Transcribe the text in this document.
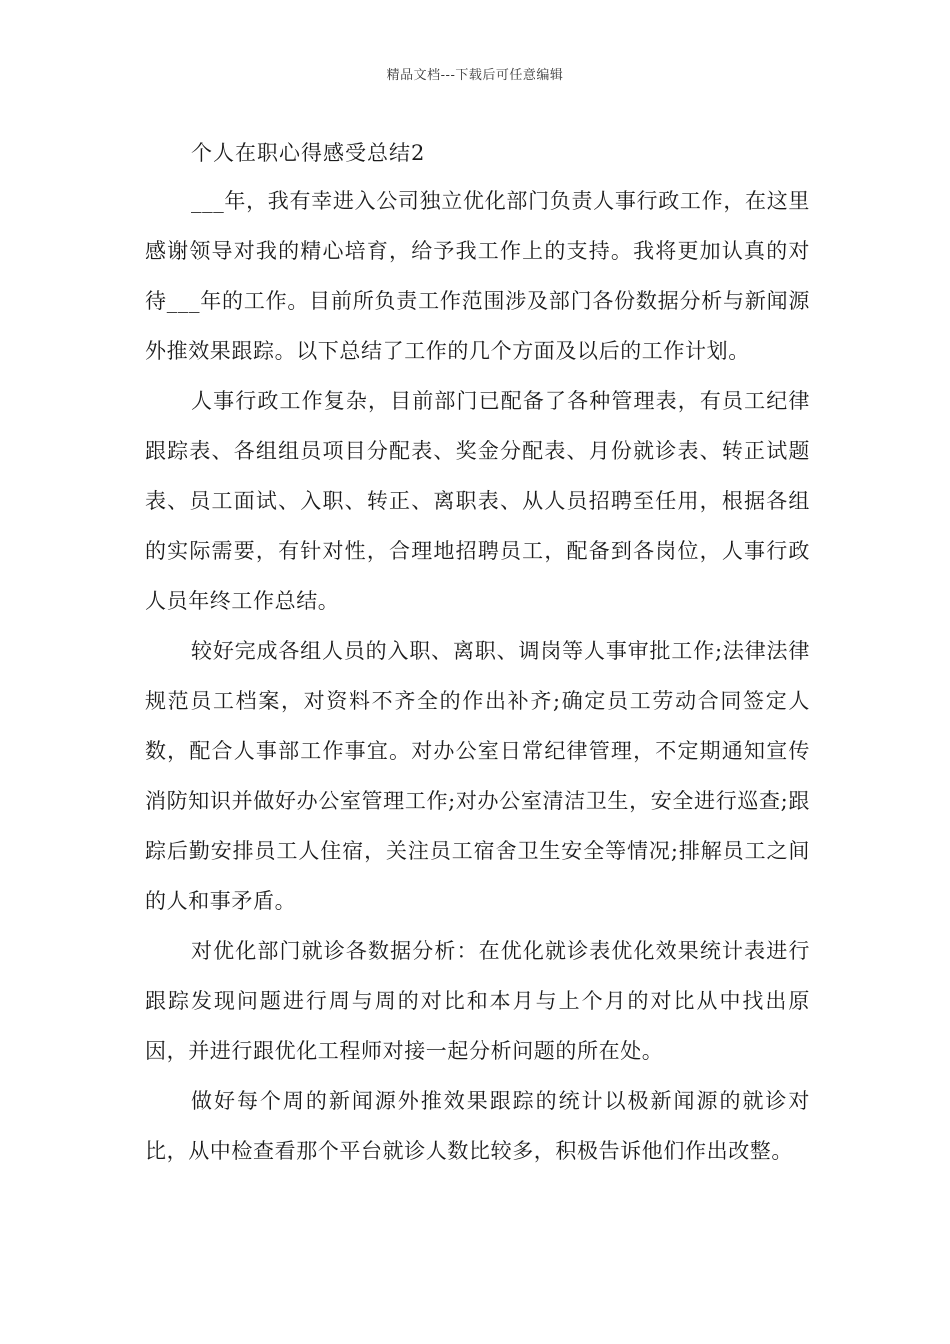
精品文档---下载后可任意编辑
个人在职心得感受总结2

___年，我有幸进入公司独立优化部门负责人事行政工作，在这里感谢领导对我的精心培育，给予我工作上的支持。我将更加认真的对待___年的工作。目前所负责工作范围涉及部门各份数据分析与新闻源外推效果跟踪。以下总结了工作的几个方面及以后的工作计划。

人事行政工作复杂，目前部门已配备了各种管理表，有员工纪律跟踪表、各组组员项目分配表、奖金分配表、月份就诊表、转正试题表、员工面试、入职、转正、离职表、从人员招聘至任用，根据各组的实际需要，有针对性，合理地招聘员工，配备到各岗位，人事行政人员年终工作总结。

较好完成各组人员的入职、离职、调岗等人事审批工作;法律法律规范员工档案，对资料不齐全的作出补齐;确定员工劳动合同签定人数，配合人事部工作事宜。对办公室日常纪律管理，不定期通知宣传消防知识并做好办公室管理工作;对办公室清洁卫生，安全进行巡查;跟踪后勤安排员工人住宿，关注员工宿舍卫生安全等情况;排解员工之间的人和事矛盾。

对优化部门就诊各数据分析：在优化就诊表优化效果统计表进行跟踪发现问题进行周与周的对比和本月与上个月的对比从中找出原因，并进行跟优化工程师对接一起分析问题的所在处。

做好每个周的新闻源外推效果跟踪的统计以极新闻源的就诊对比，从中检查看那个平台就诊人数比较多，积极告诉他们作出改整。
